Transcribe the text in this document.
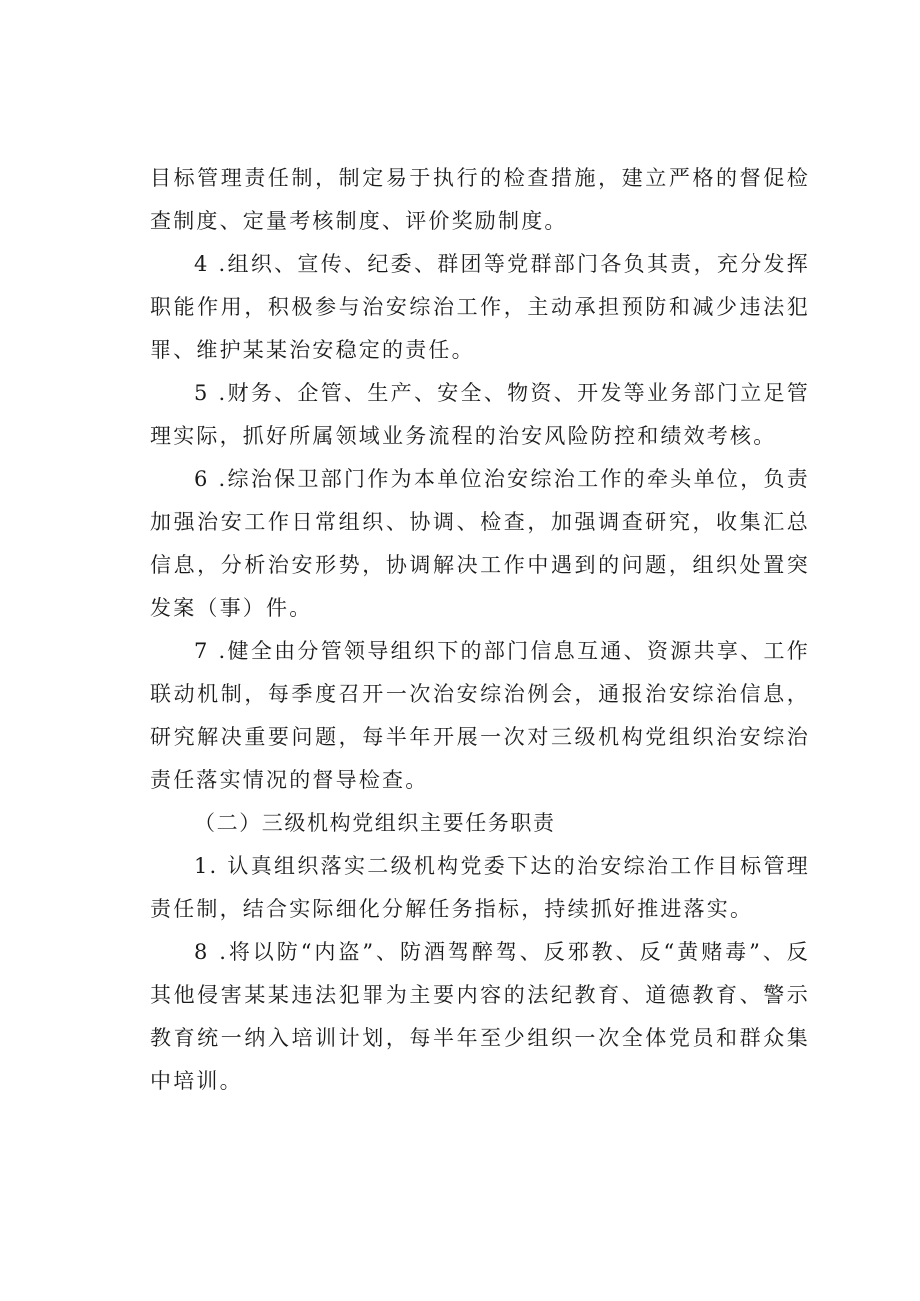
目标管理责任制，制定易于执行的检查措施，建立严格的督促检查制度、定量考核制度、评价奖励制度。

4 .组织、宣传、纪委、群团等党群部门各负其责，充分发挥职能作用，积极参与治安综治工作，主动承担预防和减少违法犯罪、维护某某治安稳定的责任。

5 .财务、企管、生产、安全、物资、开发等业务部门立足管理实际，抓好所属领域业务流程的治安风险防控和绩效考核。

6 .综治保卫部门作为本单位治安综治工作的牵头单位，负责加强治安工作日常组织、协调、检查，加强调查研究，收集汇总信息，分析治安形势，协调解决工作中遇到的问题，组织处置突发案（事）件。

7 .健全由分管领导组织下的部门信息互通、资源共享、工作联动机制，每季度召开一次治安综治例会，通报治安综治信息，研究解决重要问题，每半年开展一次对三级机构党组织治安综治责任落实情况的督导检查。

（二）三级机构党组织主要任务职责

1. 认真组织落实二级机构党委下达的治安综治工作目标管理责任制，结合实际细化分解任务指标，持续抓好推进落实。

8 .将以防“内盗”、防酒驾醉驾、反邪教、反“黄赌毒”、反其他侵害某某违法犯罪为主要内容的法纪教育、道德教育、警示教育统一纳入培训计划，每半年至少组织一次全体党员和群众集中培训。
